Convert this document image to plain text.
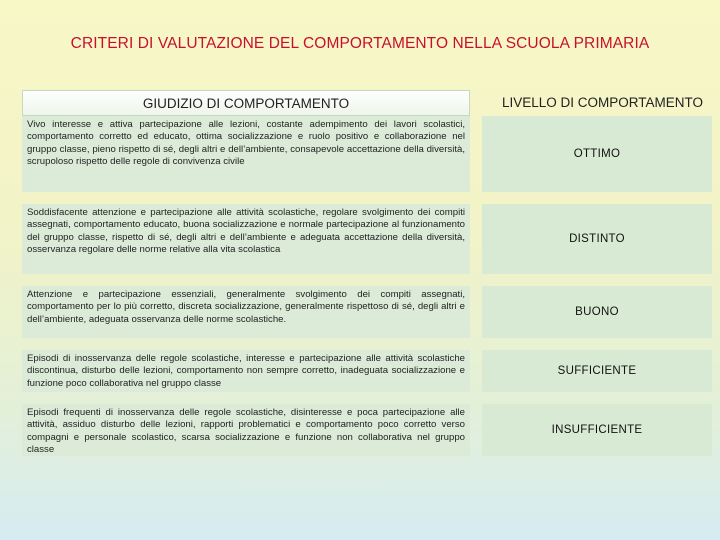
CRITERI DI VALUTAZIONE DEL COMPORTAMENTO NELLA SCUOLA PRIMARIA
GIUDIZIO DI COMPORTAMENTO	LIVELLO DI COMPORTAMENTO
Vivo interesse e attiva partecipazione alle lezioni, costante adempimento dei lavori scolastici, comportamento corretto ed educato, ottima socializzazione e ruolo positivo e collaborazione nel gruppo classe, pieno rispetto di sé, degli altri e dell’ambiente, consapevole accettazione della diversità, scrupoloso rispetto delle regole di convivenza civile
OTTIMO
Soddisfacente attenzione e partecipazione alle attività scolastiche, regolare svolgimento dei compiti assegnati, comportamento educato, buona socializzazione e normale partecipazione al funzionamento del gruppo classe, rispetto di sé, degli altri e dell’ambiente e adeguata accettazione della diversità, osservanza regolare delle norme relative alla vita scolastica
DISTINTO
Attenzione e partecipazione essenziali, generalmente svolgimento dei compiti assegnati, comportamento per lo più corretto, discreta socializzazione, generalmente rispettoso di sé, degli altri e dell’ambiente, adeguata osservanza delle norme scolastiche.
BUONO
Episodi di inosservanza delle regole scolastiche, interesse e partecipazione alle attività scolastiche discontinua, disturbo delle lezioni, comportamento non sempre corretto, inadeguata socializzazione e funzione poco collaborativa nel gruppo classe
SUFFICIENTE
Episodi frequenti di inosservanza delle regole scolastiche, disinteresse e poca partecipazione alle attività, assiduo disturbo delle lezioni, rapporti problematici e comportamento poco corretto verso compagni e personale scolastico, scarsa socializzazione e funzione non collaborativa nel gruppo classe
INSUFFICIENTE
